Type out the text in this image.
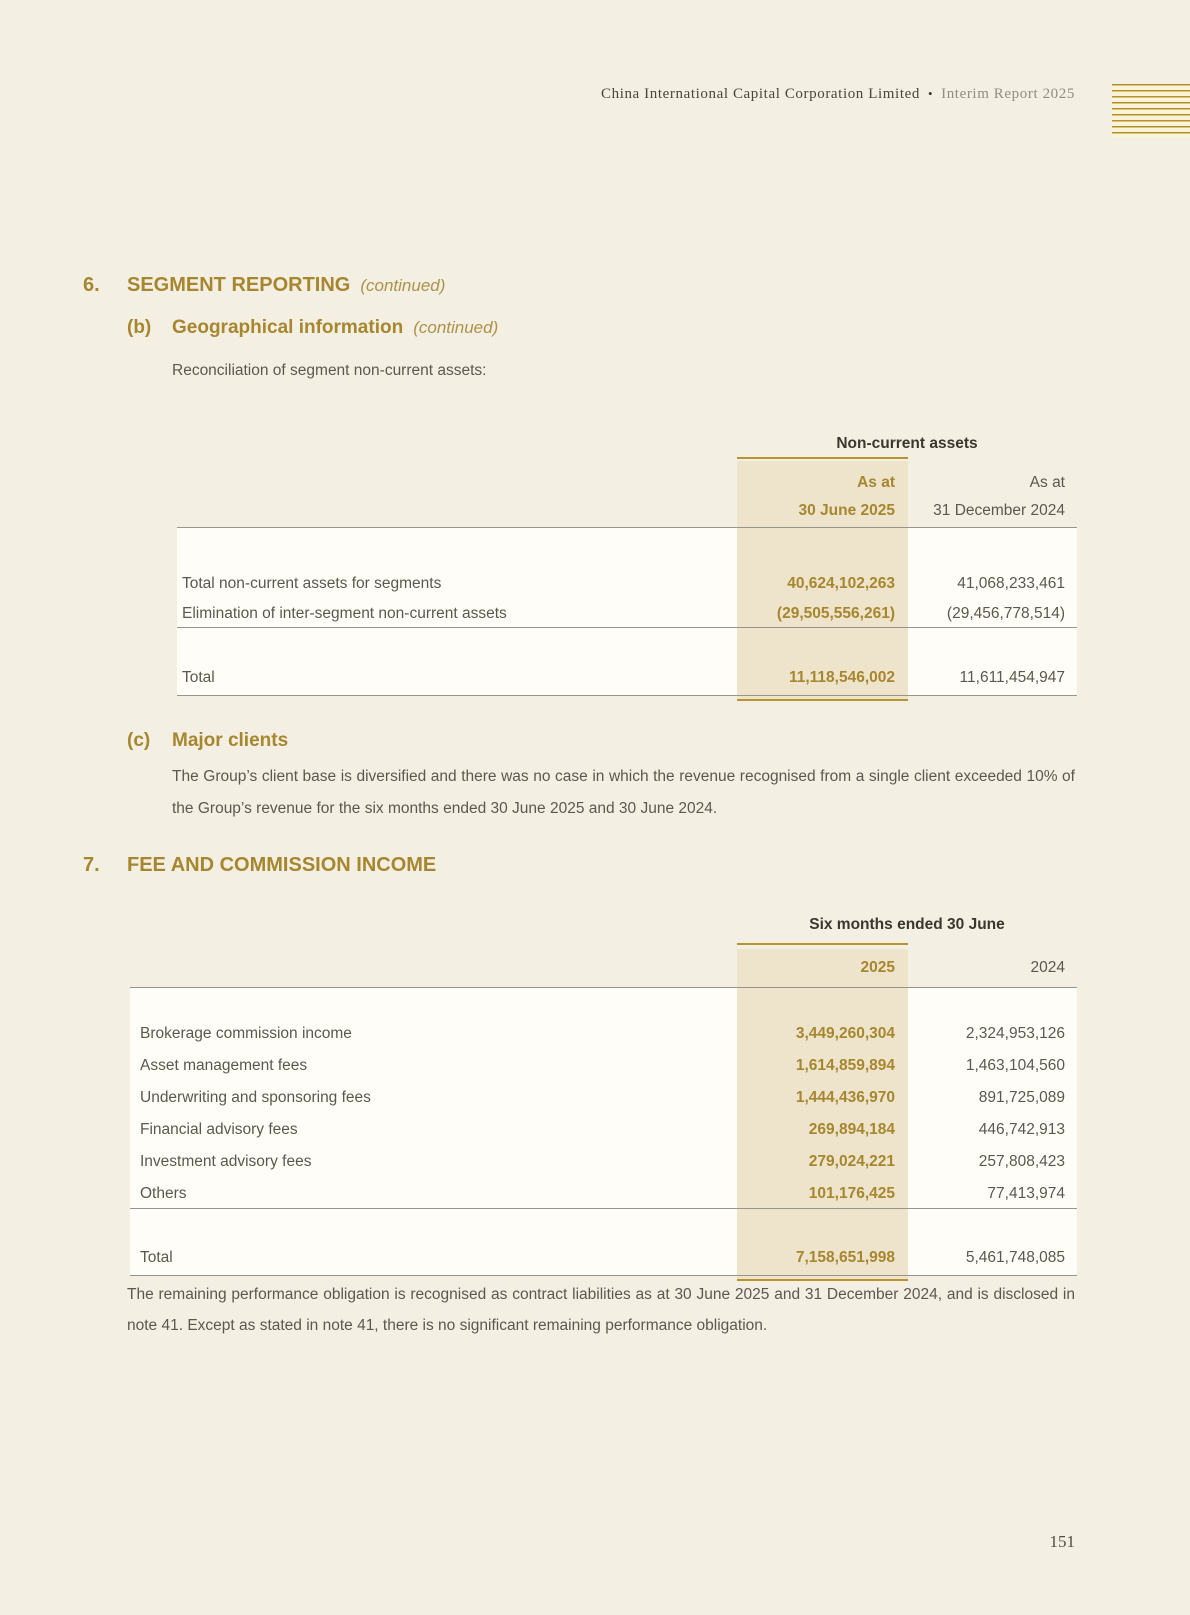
China International Capital Corporation Limited • Interim Report 2025
6. SEGMENT REPORTING (continued)
(b) Geographical information (continued)
Reconciliation of segment non-current assets:
Non-current assets
As at
30 June 2025
As at
31 December 2024
Total non-current assets for segments	40,624,102,263	41,068,233,461
Elimination of inter-segment non-current assets	(29,505,556,261)	(29,456,778,514)
Total	11,118,546,002	11,611,454,947
(c) Major clients
The Group’s client base is diversified and there was no case in which the revenue recognised from a single client exceeded 10% of the Group’s revenue for the six months ended 30 June 2025 and 30 June 2024.
7. FEE AND COMMISSION INCOME
Six months ended 30 June
2025	2024
Brokerage commission income	3,449,260,304	2,324,953,126
Asset management fees	1,614,859,894	1,463,104,560
Underwriting and sponsoring fees	1,444,436,970	891,725,089
Financial advisory fees	269,894,184	446,742,913
Investment advisory fees	279,024,221	257,808,423
Others	101,176,425	77,413,974
Total	7,158,651,998	5,461,748,085
The remaining performance obligation is recognised as contract liabilities as at 30 June 2025 and 31 December 2024, and is disclosed in note 41. Except as stated in note 41, there is no significant remaining performance obligation.
151
